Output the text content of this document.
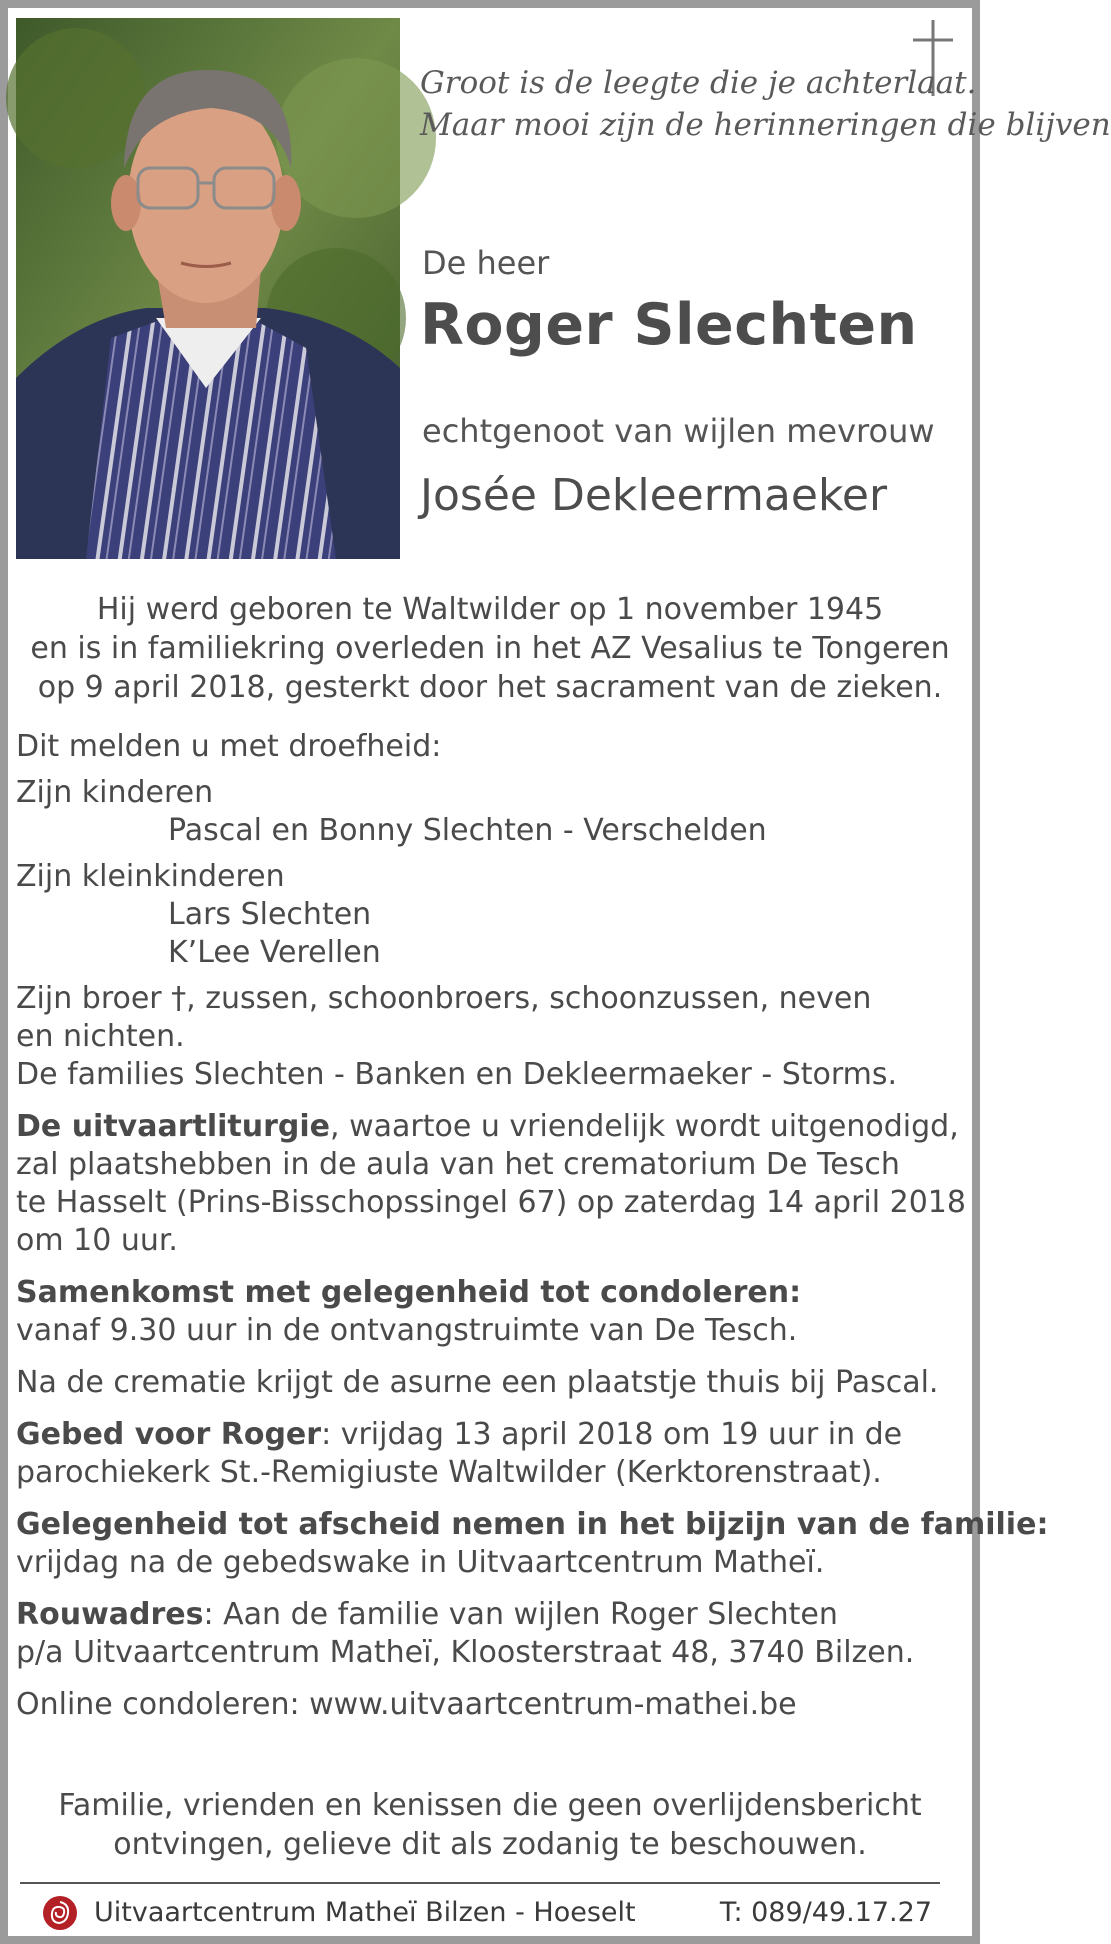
Groot is de leegte die je achterlaat.
Maar mooi zijn de herinneringen die blijven
De heer
Roger Slechten
echtgenoot van wijlen mevrouw
Josée Dekleermaeker
Hij werd geboren te Waltwilder op 1 november 1945
en is in familiekring overleden in het AZ Vesalius te Tongeren
op 9 april 2018, gesterkt door het sacrament van de zieken.

Dit melden u met droefheid:

Zijn kinderen

Pascal en Bonny Slechten - Verschelden

Zijn kleinkinderen

Lars Slechten

K’Lee Verellen

Zijn broer †, zussen, schoonbroers, schoonzussen, neven

en nichten.

De families Slechten - Banken en Dekleermaeker - Storms.

De uitvaartliturgie, waartoe u vriendelijk wordt uitgenodigd,

zal plaatshebben in de aula van het crematorium De Tesch

te Hasselt (Prins-Bisschopssingel 67) op zaterdag 14 april 2018

om 10 uur.

Samenkomst met gelegenheid tot condoleren:

vanaf 9.30 uur in de ontvangstruimte van De Tesch.

Na de crematie krijgt de asurne een plaatstje thuis bij Pascal.

Gebed voor Roger: vrijdag 13 april 2018 om 19 uur in de

parochiekerk St.-Remigiuste Waltwilder (Kerktorenstraat).

Gelegenheid tot afscheid nemen in het bijzijn van de familie:

vrijdag na de gebedswake in Uitvaartcentrum Matheï.

Rouwadres: Aan de familie van wijlen Roger Slechten

p/a Uitvaartcentrum Matheï, Kloosterstraat 48, 3740 Bilzen.

Online condoleren: www.uitvaartcentrum-mathei.be

Familie, vrienden en kenissen die geen overlijdensbericht
ontvingen, gelieve dit als zodanig te beschouwen.
Uitvaartcentrum Matheï Bilzen - Hoeselt	T: 089/49.17.27
